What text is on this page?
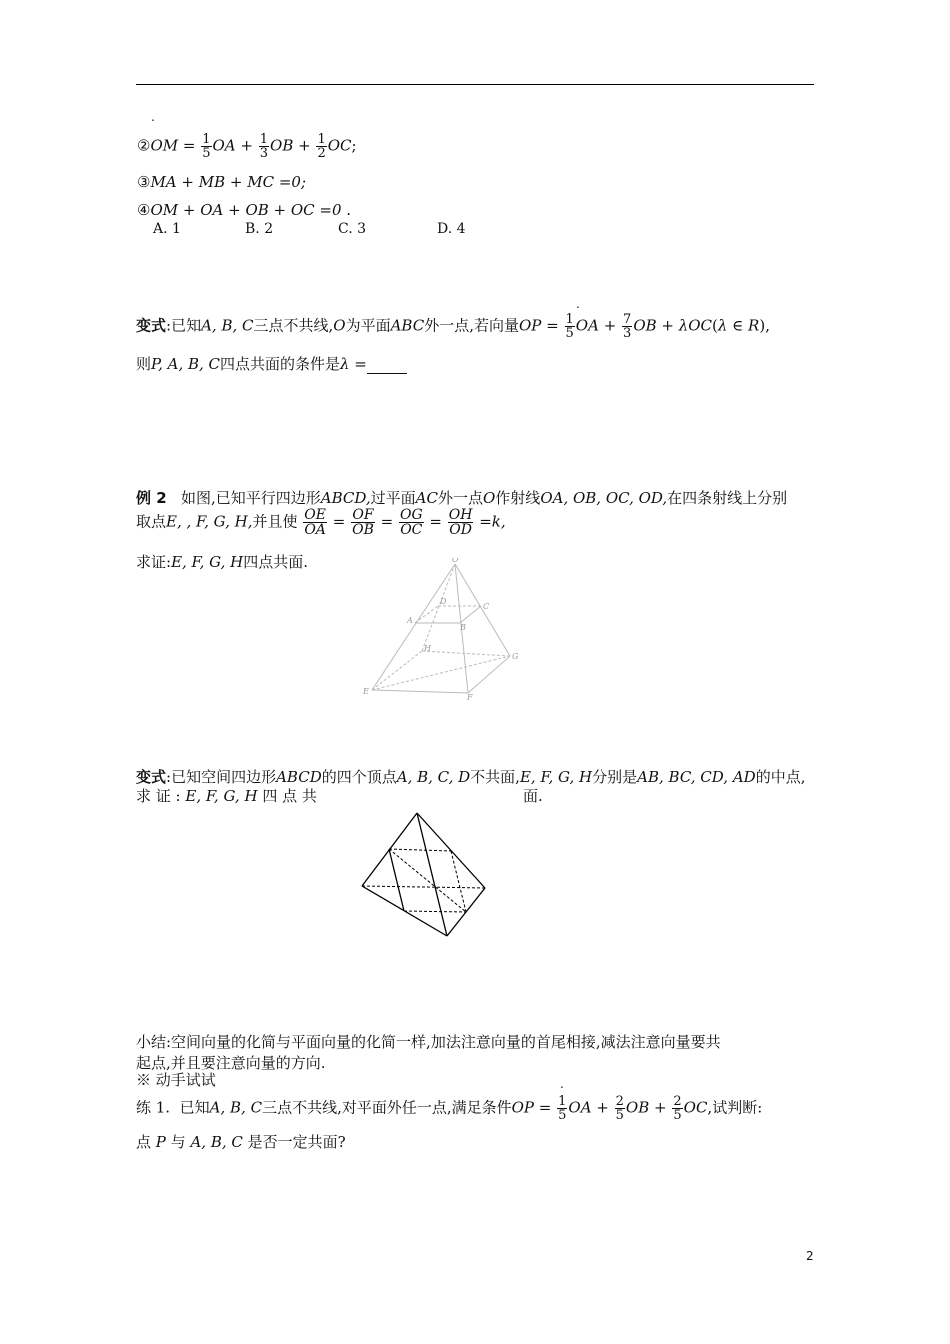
.
②OM = $\frac{1}{5}$ OA + $\frac{1}{3}$ OB + $\frac{1}{2}$ OC;
③MA + MB + MC =0;
④OM + OA + OB + OC =0 .
A. 1	B. 2	C. 3	D. 4
.
变式:已知A, B, C三点不共线,O为平面ABC外一点,若向量OP = $\frac{1}{5}$ OA + $\frac{7}{3}$ OB + λOC(λ ∈ R),
则P, A, B, C四点共面的条件是λ =
例 2 如图,已知平行四边形ABCD,过平面AC外一点O作射线OA, OB, OC, OD,在四条射线上分别
取点E, , F, G, H,并且使 $\frac{OE}{OA} = \frac{OF}{OB} = \frac{OG}{OC} = \frac{OH}{OD} =k$,
求证:E, F, G, H四点共面.	O
D
C
A
B
H
G
E
F
变式:已知空间四边形ABCD的四个顶点A, B, C, D不共面,E, F, G, H分别是AB, BC, CD, AD的中点,
求 证 : E, F, G, H 四 点 共	面.
小结:空间向量的化简与平面向量的化简一样,加法注意向量的首尾相接,减法注意向量要共
起点,并且要注意向量的方向.
※ 动手试试	.
练 1. 已知A, B, C三点不共线,对平面外任一点,满足条件OP = $\frac{1}{5}$ OA + $\frac{2}{5}$ OB + $\frac{2}{5}$ OC,试判断:
点 P 与 A, B, C 是否一定共面?
2
